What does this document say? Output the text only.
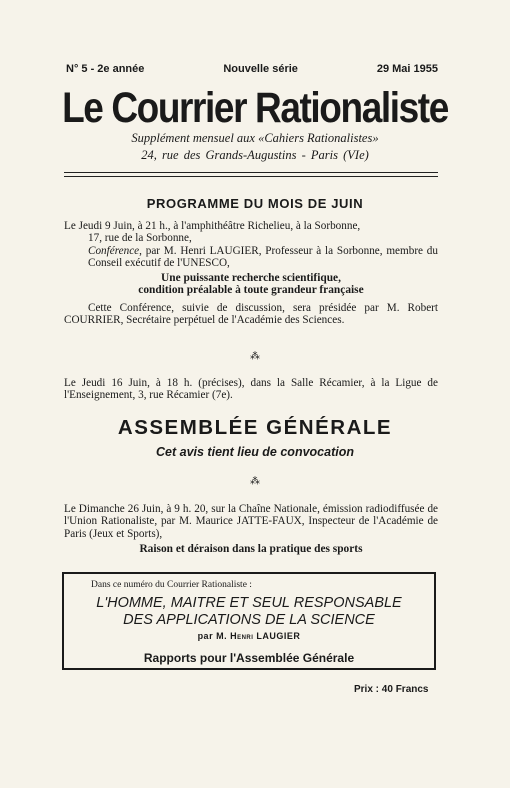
N° 5 - 2e année	Nouvelle série	29 Mai 1955
Le Courrier Rationaliste
Supplément mensuel aux «Cahiers Rationalistes»
24, rue des Grands-Augustins - Paris (VIe)
PROGRAMME DU MOIS DE JUIN
Le Jeudi 9 Juin, à 21 h., à l'amphithéâtre Richelieu, à la Sorbonne,
17, rue de la Sorbonne,
Conférence, par M. Henri LAUGIER, Professeur à la Sorbonne, membre du Conseil exécutif de l'UNESCO,
Une puissante recherche scientifique,
condition préalable à toute grandeur française
Cette Conférence, suivie de discussion, sera présidée par M. Robert COURRIER, Secrétaire perpétuel de l'Académie des Sciences.
⁂
Le Jeudi 16 Juin, à 18 h. (précises), dans la Salle Récamier, à la Ligue de l'Enseignement, 3, rue Récamier (7e).
ASSEMBLÉE GÉNÉRALE
Cet avis tient lieu de convocation
⁂
Le Dimanche 26 Juin, à 9 h. 20, sur la Chaîne Nationale, émission radiodiffusée de l'Union Rationaliste, par M. Maurice JATTE-FAUX, Inspecteur de l'Académie de Paris (Jeux et Sports),
Raison et déraison dans la pratique des sports
Dans ce numéro du Courrier Rationaliste :
L'HOMME, MAITRE ET SEUL RESPONSABLE
DES APPLICATIONS DE LA SCIENCE
par M. Henri LAUGIER
Rapports pour l'Assemblée Générale
Prix : 40 Francs
